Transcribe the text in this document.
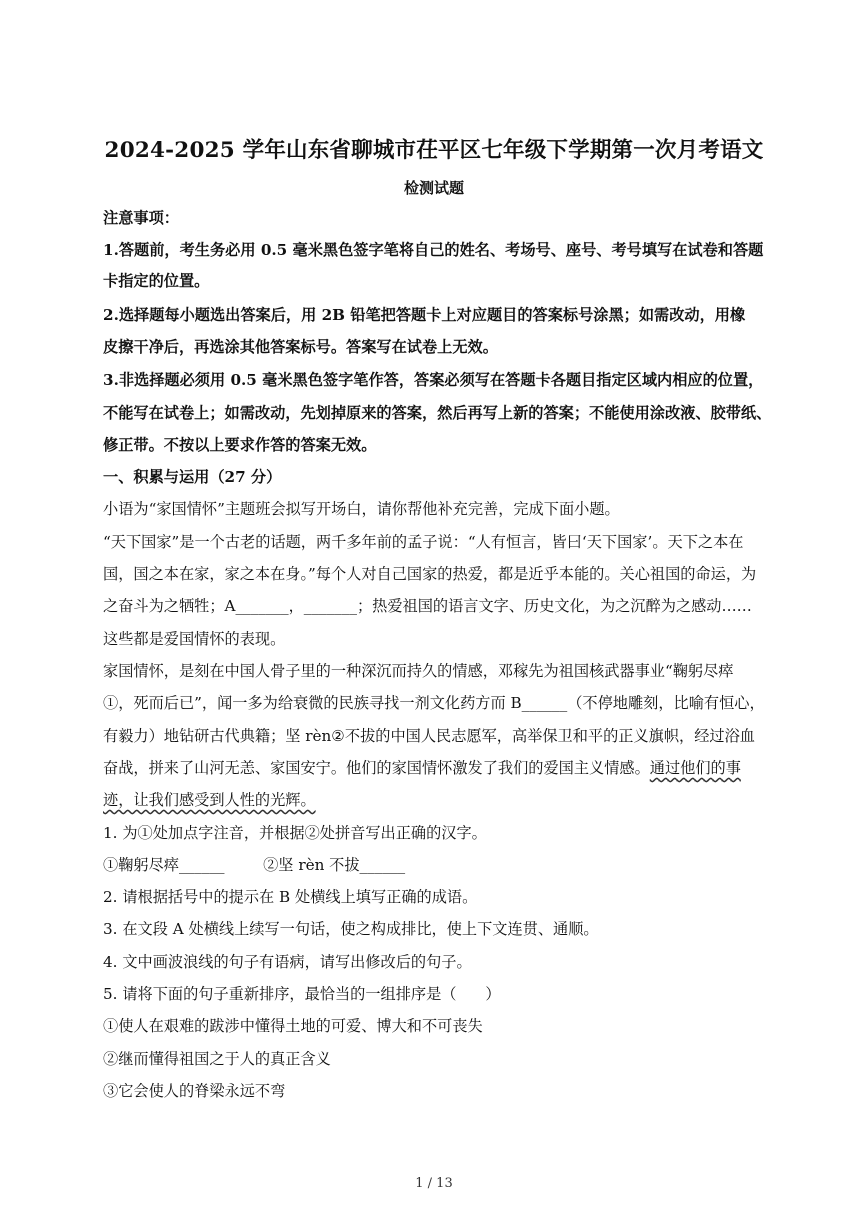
2024-2025 学年山东省聊城市茌平区七年级下学期第一次月考语文
检测试题
注意事项：
1.答题前，考生务必用 0.5 毫米黑色签字笔将自己的姓名、考场号、座号、考号填写在试卷和答题
卡指定的位置。
2.选择题每小题选出答案后，用 2B 铅笔把答题卡上对应题目的答案标号涂黑；如需改动，用橡
皮擦干净后，再选涂其他答案标号。答案写在试卷上无效。
3.非选择题必须用 0.5 毫米黑色签字笔作答，答案必须写在答题卡各题目指定区域内相应的位置，
不能写在试卷上；如需改动，先划掉原来的答案，然后再写上新的答案；不能使用涂改液、胶带纸、
修正带。不按以上要求作答的答案无效。
一、积累与运用（27 分）
小语为“家国情怀”主题班会拟写开场白，请你帮他补充完善，完成下面小题。
“天下国家”是一个古老的话题，两千多年前的孟子说：“人有恒言，皆曰‘天下国家’。天下之本在
国，国之本在家，家之本在身。”每个人对自己国家的热爱，都是近乎本能的。关心祖国的命运，为
之奋斗为之牺牲；A_______，_______；热爱祖国的语言文字、历史文化，为之沉醉为之感动……
这些都是爱国情怀的表现。
家国情怀，是刻在中国人骨子里的一种深沉而持久的情感，邓稼先为祖国核武器事业“鞠躬尽瘁
①，死而后已”，闻一多为给衰微的民族寻找一剂文化药方而 B______（不停地雕刻，比喻有恒心，
有毅力）地钻研古代典籍；坚 rèn②不拔的中国人民志愿军，高举保卫和平的正义旗帜，经过浴血
奋战，拼来了山河无恙、家国安宁。他们的家国情怀激发了我们的爱国主义情感。通过他们的事
迹，让我们感受到人性的光辉。
1. 为①处加点字注音，并根据②处拼音写出正确的汉字。
①鞠躬尽瘁______        ②坚 rèn 不拔______
2. 请根据括号中的提示在 B 处横线上填写正确的成语。
3. 在文段 A 处横线上续写一句话，使之构成排比，使上下文连贯、通顺。
4. 文中画波浪线的句子有语病，请写出修改后的句子。
5. 请将下面的句子重新排序，最恰当的一组排序是（      ）
①使人在艰难的跋涉中懂得土地的可爱、博大和不可丧失
②继而懂得祖国之于人的真正含义
③它会使人的脊梁永远不弯
1 / 13
